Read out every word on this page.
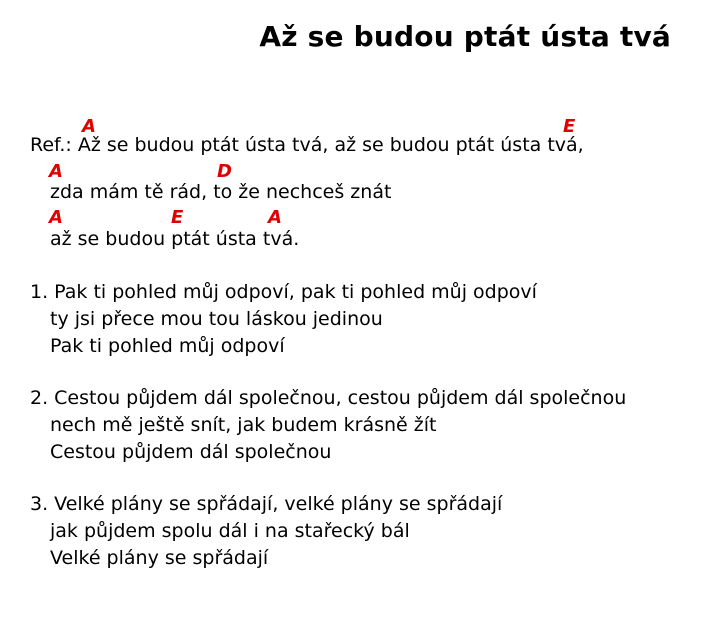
Až se budou ptát ústa tvá
A	E

Ref.: Až se budou ptát ústa tvá, až se budou ptát ústa tvá,

A	D

zda mám tě rád, to že nechceš znát

A	E	A

až se budou ptát ústa tvá.

1. Pak ti pohled můj odpoví, pak ti pohled můj odpoví

ty jsi přece mou tou láskou jedinou

Pak ti pohled můj odpoví

2. Cestou půjdem dál společnou, cestou půjdem dál společnou

nech mě ještě snít, jak budem krásně žít

Cestou půjdem dál společnou

3. Velké plány se spřádají, velké plány se spřádají

jak půjdem spolu dál i na stařecký bál

Velké plány se spřádají
